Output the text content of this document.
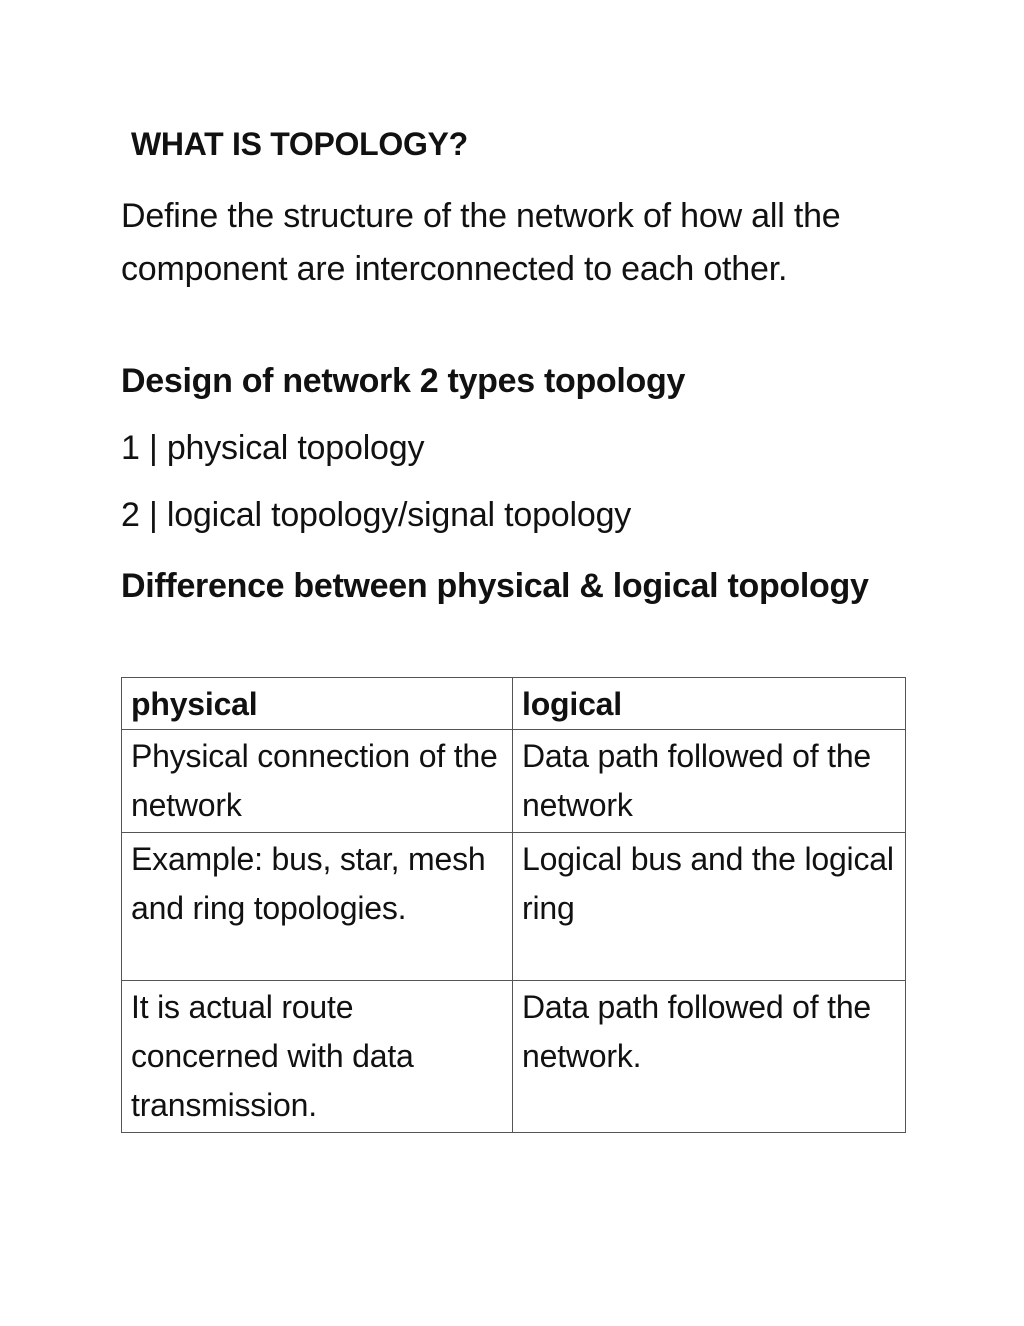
WHAT IS TOPOLOGY?
Define the structure of the network of how all the component are interconnected to each other.
Design of network 2 types topology
1 | physical topology
2 | logical topology/signal topology
Difference between physical & logical topology
physical	logical
Physical connection of the network	Data path followed of the network
Example: bus, star, mesh and ring topologies.	Logical bus and the logical ring
It is actual route concerned with data transmission.	Data path followed of the network.
